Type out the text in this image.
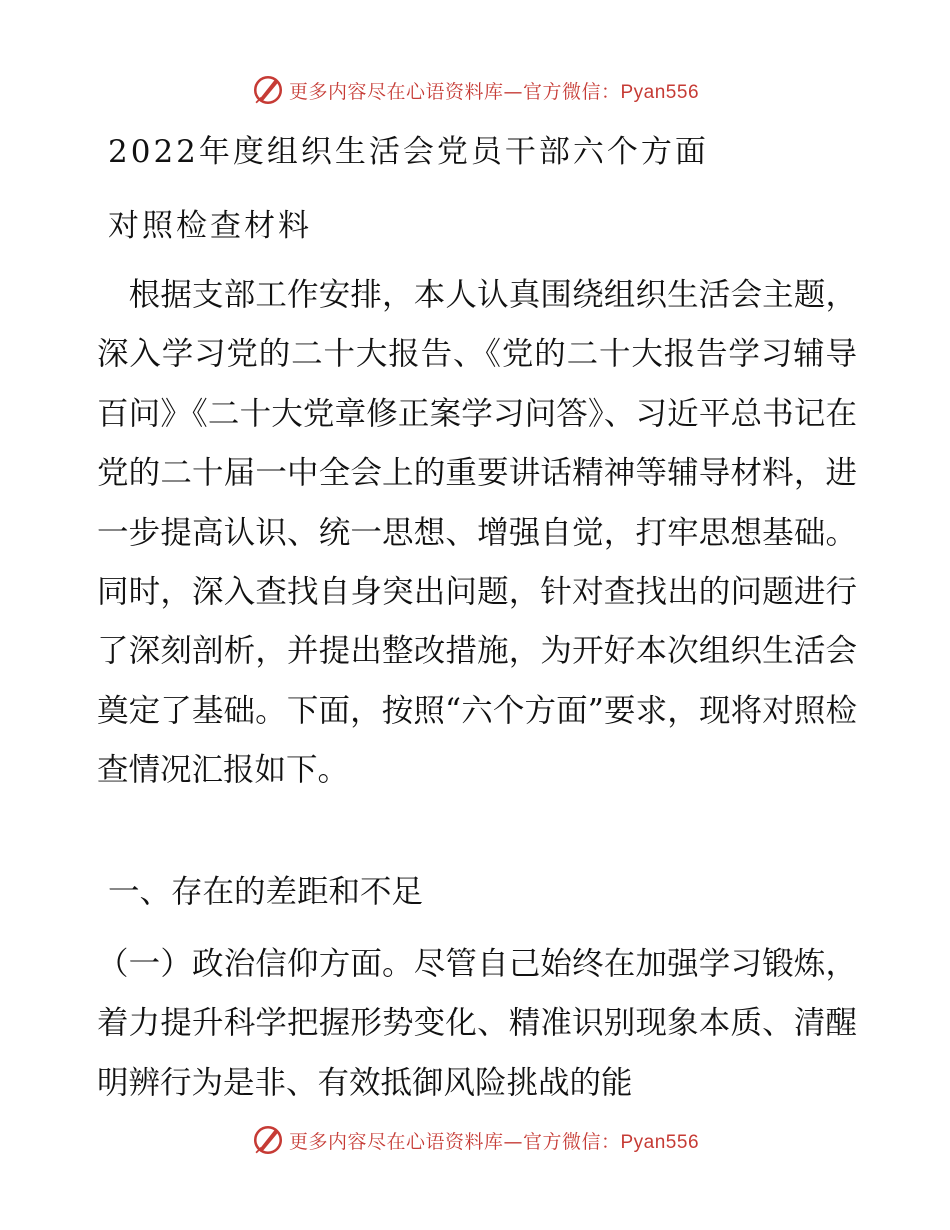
更多内容尽在心语资料库—官方微信：Pyan556
2022年度组织生活会党员干部六个方面
对照检查材料

　根据支部工作安排，本人认真围绕组织生活会主题，深入学习党的二十大报告、《党的二十大报告学习辅导百问》《二十大党章修正案学习问答》、习近平总书记在党的二十届一中全会上的重要讲话精神等辅导材料，进一步提高认识、统一思想、增强自觉，打牢思想基础。同时，深入查找自身突出问题，针对查找出的问题进行了深刻剖析，并提出整改措施，为开好本次组织生活会奠定了基础。下面，按照“六个方面”要求，现将对照检查情况汇报如下。

一、存在的差距和不足

（一）政治信仰方面。尽管自己始终在加强学习锻炼，着力提升科学把握形势变化、精准识别现象本质、清醒明辨行为是非、有效抵御风险挑战的能

更多内容尽在心语资料库—官方微信：Pyan556
